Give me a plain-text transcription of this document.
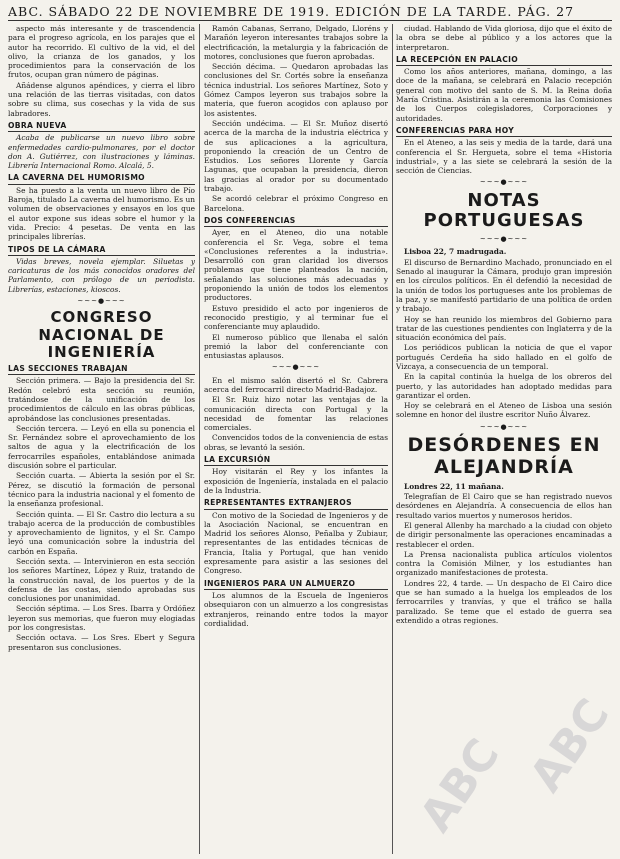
ABC. SÁBADO 22 DE NOVIEMBRE DE 1919. EDICIÓN DE LA TARDE. PÁG. 27

aspecto más interesante y de trascendencia para el progreso agrícola, en los parajes que el autor ha recorrido. El cultivo de la vid, el del olivo, la crianza de los ganados, y los procedimientos para la conservación de los frutos, ocupan gran número de páginas.

Añádense algunos apéndices, y cierra el libro una relación de las tierras visitadas, con datos sobre su clima, sus cosechas y la vida de sus labradores.

OBRA NUEVA

Acaba de publicarse un nuevo libro sobre enfermedades cardio-pulmonares, por el doctor don A. Gutiérrez, con ilustraciones y láminas. Librería Internacional Romo. Alcalá, 5.

LA CAVERNA DEL HUMORISMO

Se ha puesto a la venta un nuevo libro de Pío Baroja, titulado La caverna del humorismo. Es un volumen de observaciones y ensayos en los que el autor expone sus ideas sobre el humor y la vida. Precio: 4 pesetas. De venta en las principales librerías.

TIPOS DE LA CÁMARA

Vidas breves, novela ejemplar. Siluetas y caricaturas de los más conocidos oradores del Parlamento, con prólogo de un periodista. Librerías, estaciones, kioscos.

~~~●~~~
CONGRESO NACIONAL DE INGENIERÍA
LAS SECCIONES TRABAJAN

Sección primera. — Bajo la presidencia del Sr. Redón celebró esta sección su reunión, tratándose de la unificación de los procedimientos de cálculo en las obras públicas, aprobándose las conclusiones presentadas.

Sección tercera. — Leyó en ella su ponencia el Sr. Fernández sobre el aprovechamiento de los saltos de agua y la electrificación de los ferrocarriles españoles, entablándose animada discusión sobre el particular.

Sección cuarta. — Abierta la sesión por el Sr. Pérez, se discutió la formación de personal técnico para la industria nacional y el fomento de la enseñanza profesional.

Sección quinta. — El Sr. Castro dio lectura a su trabajo acerca de la producción de combustibles y aprovechamiento de lignitos, y el Sr. Campo leyó una comunicación sobre la industria del carbón en España.

Sección sexta. — Intervinieron en esta sección los señores Martínez, López y Ruiz, tratando de la construcción naval, de los puertos y de la defensa de las costas, siendo aprobadas sus conclusiones por unanimidad.

Sección séptima. — Los Sres. Ibarra y Ordóñez leyeron sus memorias, que fueron muy elogiadas por los congresistas.

Sección octava. — Los Sres. Ebert y Segura presentaron sus conclusiones.

Ramón Cabanas, Serrano, Delgado, Lloréns y Marañón leyeron interesantes trabajos sobre la electrificación, la metalurgia y la fabricación de motores, conclusiones que fueron aprobadas.

Sección décima. — Quedaron aprobadas las conclusiones del Sr. Cortés sobre la enseñanza técnica industrial. Los señores Martínez, Soto y Gómez Campos leyeron sus trabajos sobre la materia, que fueron acogidos con aplauso por los asistentes.

Sección undécima. — El Sr. Muñoz disertó acerca de la marcha de la industria eléctrica y de sus aplicaciones a la agricultura, proponiendo la creación de un Centro de Estudios. Los señores Llorente y García Lagunas, que ocupaban la presidencia, dieron las gracias al orador por su documentado trabajo.

Se acordó celebrar el próximo Congreso en Barcelona.

DOS CONFERENCIAS

Ayer, en el Ateneo, dio una notable conferencia el Sr. Vega, sobre el tema «Conclusiones referentes a la industria». Desarrolló con gran claridad los diversos problemas que tiene planteados la nación, señalando las soluciones más adecuadas y proponiendo la unión de todos los elementos productores.

Estuvo presidido el acto por ingenieros de reconocido prestigio, y al terminar fue el conferenciante muy aplaudido.

El numeroso público que llenaba el salón premió la labor del conferenciante con entusiastas aplausos.

~~~●~~~

En el mismo salón disertó el Sr. Cabrera acerca del ferrocarril directo Madrid-Badajoz.

El Sr. Ruiz hizo notar las ventajas de la comunicación directa con Portugal y la necesidad de fomentar las relaciones comerciales.

Convencidos todos de la conveniencia de estas obras, se levantó la sesión.

LA EXCURSIÓN

Hoy visitarán el Rey y los infantes la exposición de Ingeniería, instalada en el palacio de la Industria.

REPRESENTANTES EXTRANJEROS

Con motivo de la Sociedad de Ingenieros y de la Asociación Nacional, se encuentran en Madrid los señores Alonso, Peñalba y Zubiaur, representantes de las entidades técnicas de Francia, Italia y Portugal, que han venido expresamente para asistir a las sesiones del Congreso.

INGENIEROS PARA UN ALMUERZO

Los alumnos de la Escuela de Ingenieros obsequiaron con un almuerzo a los congresistas extranjeros, reinando entre todos la mayor cordialidad.

ciudad. Hablando de Vida gloriosa, dijo que el éxito de la obra se debe al público y a los actores que la interpretaron.

LA RECEPCIÓN EN PALACIO

Como los años anteriores, mañana, domingo, a las doce de la mañana, se celebrará en Palacio recepción general con motivo del santo de S. M. la Reina doña María Cristina. Asistirán a la ceremonia las Comisiones de los Cuerpos colegisladores, Corporaciones y autoridades.

CONFERENCIAS PARA HOY

En el Ateneo, a las seis y media de la tarde, dará una conferencia el Sr. Hergueta, sobre el tema «Historia industrial», y a las siete se celebrará la sesión de la sección de Ciencias.

~~~●~~~
NOTAS PORTUGUESAS
~~~●~~~

Lisboa 22, 7 madrugada.

El discurso de Bernardino Machado, pronunciado en el Senado al inaugurar la Cámara, produjo gran impresión en los círculos políticos. En él defendió la necesidad de la unión de todos los portugueses ante los problemas de la paz, y se manifestó partidario de una política de orden y trabajo.

Hoy se han reunido los miembros del Gobierno para tratar de las cuestiones pendientes con Inglaterra y de la situación económica del país.

Los periódicos publican la noticia de que el vapor portugués Cerdeña ha sido hallado en el golfo de Vizcaya, a consecuencia de un temporal.

En la capital continúa la huelga de los obreros del puerto, y las autoridades han adoptado medidas para garantizar el orden.

Hoy se celebrará en el Ateneo de Lisboa una sesión solemne en honor del ilustre escritor Nuño Álvarez.

~~~●~~~
DESÓRDENES EN ALEJANDRÍA

Londres 22, 11 mañana.

Telegrafían de El Cairo que se han registrado nuevos desórdenes en Alejandría. A consecuencia de ellos han resultado varios muertos y numerosos heridos.

El general Allenby ha marchado a la ciudad con objeto de dirigir personalmente las operaciones encaminadas a restablecer el orden.

La Prensa nacionalista publica artículos violentos contra la Comisión Milner, y los estudiantes han organizado manifestaciones de protesta.

Londres 22, 4 tarde. — Un despacho de El Cairo dice que se han sumado a la huelga los empleados de los ferrocarriles y tranvías, y que el tráfico se halla paralizado. Se teme que el estado de guerra sea extendido a otras regiones.

ABC ABC
